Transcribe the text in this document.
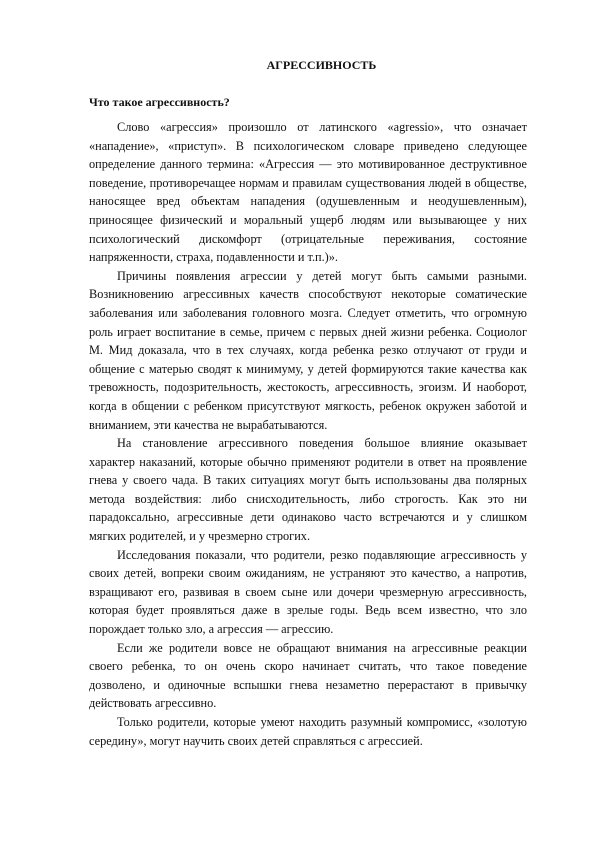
АГРЕССИВНОСТЬ
Что такое агрессивность?

Слово «агрессия» произошло от латинского «agressio», что означает «нападение», «приступ». В психологическом словаре приведено следующее определение данного термина: «Агрессия — это мотивированное деструктивное поведение, противоречащее нормам и правилам существования людей в обществе, наносящее вред объектам нападения (одушевленным и неодушевленным), приносящее физический и моральный ущерб людям или вызывающее у них психологический дискомфорт (отрицательные переживания, состояние напряженности, страха, подавленности и т.п.)».

Причины появления агрессии у детей могут быть самыми разными. Возникновению агрессивных качеств способствуют некоторые соматические заболевания или заболевания головного мозга. Следует отметить, что огромную роль играет воспитание в семье, причем с первых дней жизни ребенка. Социолог М. Мид доказала, что в тех случаях, когда ребенка резко отлучают от груди и общение с матерью сводят к минимуму, у детей формируются такие качества как тревожность, подозрительность, жестокость, агрессивность, эгоизм. И наоборот, когда в общении с ребенком присутствуют мягкость, ребенок окружен заботой и вниманием, эти качества не вырабатываются.

На становление агрессивного поведения большое влияние оказывает характер наказаний, которые обычно применяют родители в ответ на проявление гнева у своего чада. В таких ситуациях могут быть использованы два полярных метода воздействия: либо снисходительность, либо строгость. Как это ни парадоксально, агрессивные дети одинаково часто встречаются и у слишком мягких родителей, и у чрезмерно строгих.

Исследования показали, что родители, резко подавляющие агрессивность у своих детей, вопреки своим ожиданиям, не устраняют это качество, а напротив, взращивают его, развивая в своем сыне или дочери чрезмерную агрессивность, которая будет проявляться даже в зрелые годы. Ведь всем известно, что зло порождает только зло, а агрессия — агрессию.

Если же родители вовсе не обращают внимания на агрессивные реакции своего ребенка, то он очень скоро начинает считать, что такое поведение дозволено, и одиночные вспышки гнева незаметно перерастают в привычку действовать агрессивно.

Только родители, которые умеют находить разумный компромисс, «золотую середину», могут научить своих детей справляться с агрессией.
